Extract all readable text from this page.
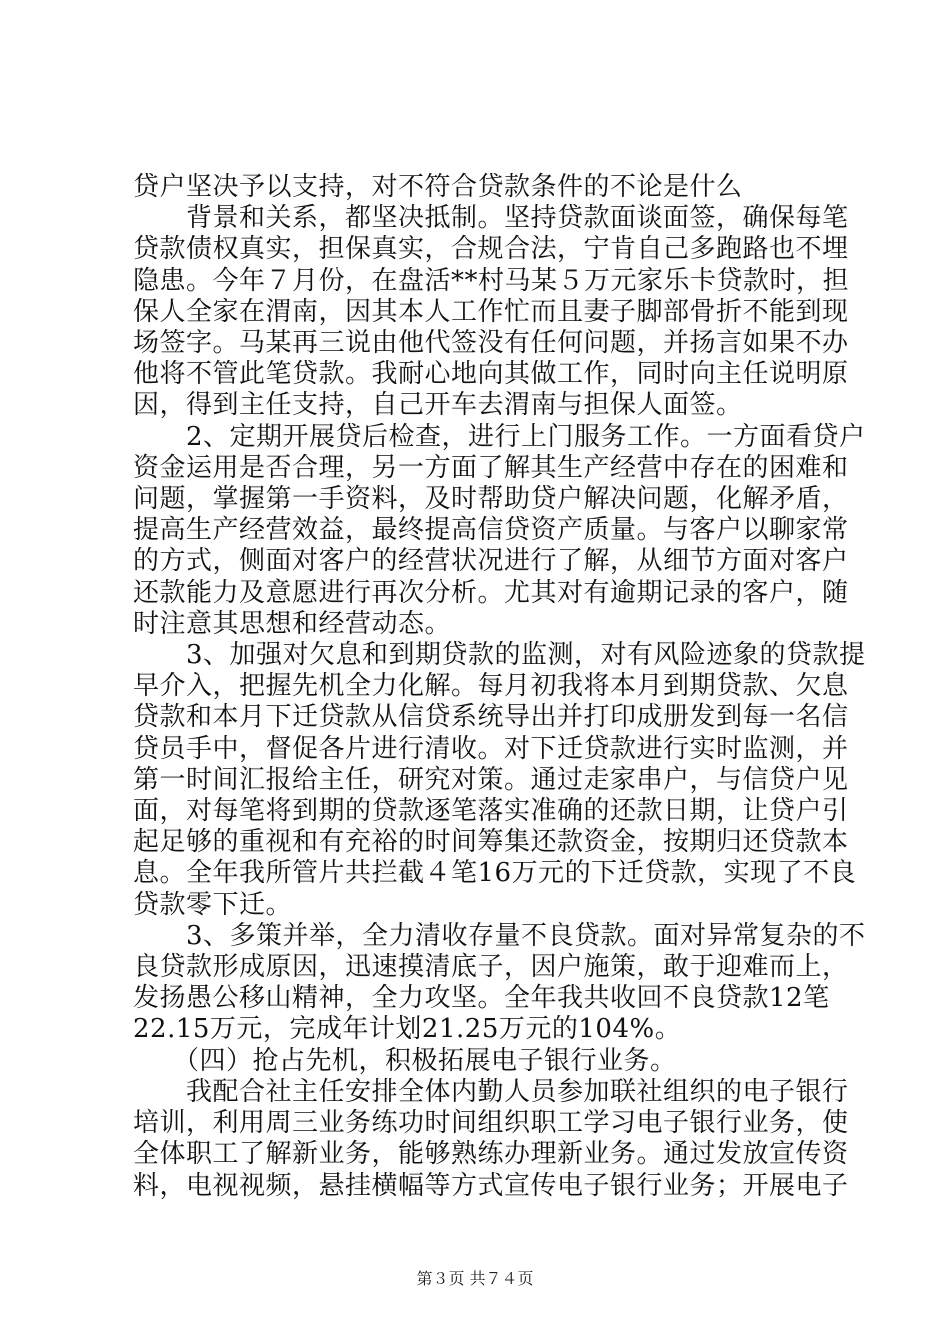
贷户坚决予以支持，对不符合贷款条件的不论是什么
　　背景和关系，都坚决抵制。坚持贷款面谈面签，确保每笔
贷款债权真实，担保真实，合规合法，宁肯自己多跑路也不埋
隐患。今年７月份，在盘活**村马某５万元家乐卡贷款时，担
保人全家在渭南，因其本人工作忙而且妻子脚部骨折不能到现
场签字。马某再三说由他代签没有任何问题，并扬言如果不办
他将不管此笔贷款。我耐心地向其做工作，同时向主任说明原
因，得到主任支持，自己开车去渭南与担保人面签。
　　2、定期开展贷后检查，进行上门服务工作。一方面看贷户
资金运用是否合理，另一方面了解其生产经营中存在的困难和
问题，掌握第一手资料，及时帮助贷户解决问题，化解矛盾，
提高生产经营效益，最终提高信贷资产质量。与客户以聊家常
的方式，侧面对客户的经营状况进行了解，从细节方面对客户
还款能力及意愿进行再次分析。尤其对有逾期记录的客户，随
时注意其思想和经营动态。
　　3、加强对欠息和到期贷款的监测，对有风险迹象的贷款提
早介入，把握先机全力化解。每月初我将本月到期贷款、欠息
贷款和本月下迁贷款从信贷系统导出并打印成册发到每一名信
贷员手中，督促各片进行清收。对下迁贷款进行实时监测，并
第一时间汇报给主任，研究对策。通过走家串户，与信贷户见
面，对每笔将到期的贷款逐笔落实准确的还款日期，让贷户引
起足够的重视和有充裕的时间筹集还款资金，按期归还贷款本
息。全年我所管片共拦截４笔16万元的下迁贷款，实现了不良
贷款零下迁。
　　3、多策并举，全力清收存量不良贷款。面对异常复杂的不
良贷款形成原因，迅速摸清底子，因户施策，敢于迎难而上，
发扬愚公移山精神，全力攻坚。全年我共收回不良贷款12笔
22.15万元，完成年计划21.25万元的104%。
　　（四）抢占先机，积极拓展电子银行业务。
　　我配合社主任安排全体内勤人员参加联社组织的电子银行
培训，利用周三业务练功时间组织职工学习电子银行业务，使
全体职工了解新业务，能够熟练办理新业务。通过发放宣传资
料，电视视频，悬挂横幅等方式宣传电子银行业务；开展电子
第３页 共７４页
